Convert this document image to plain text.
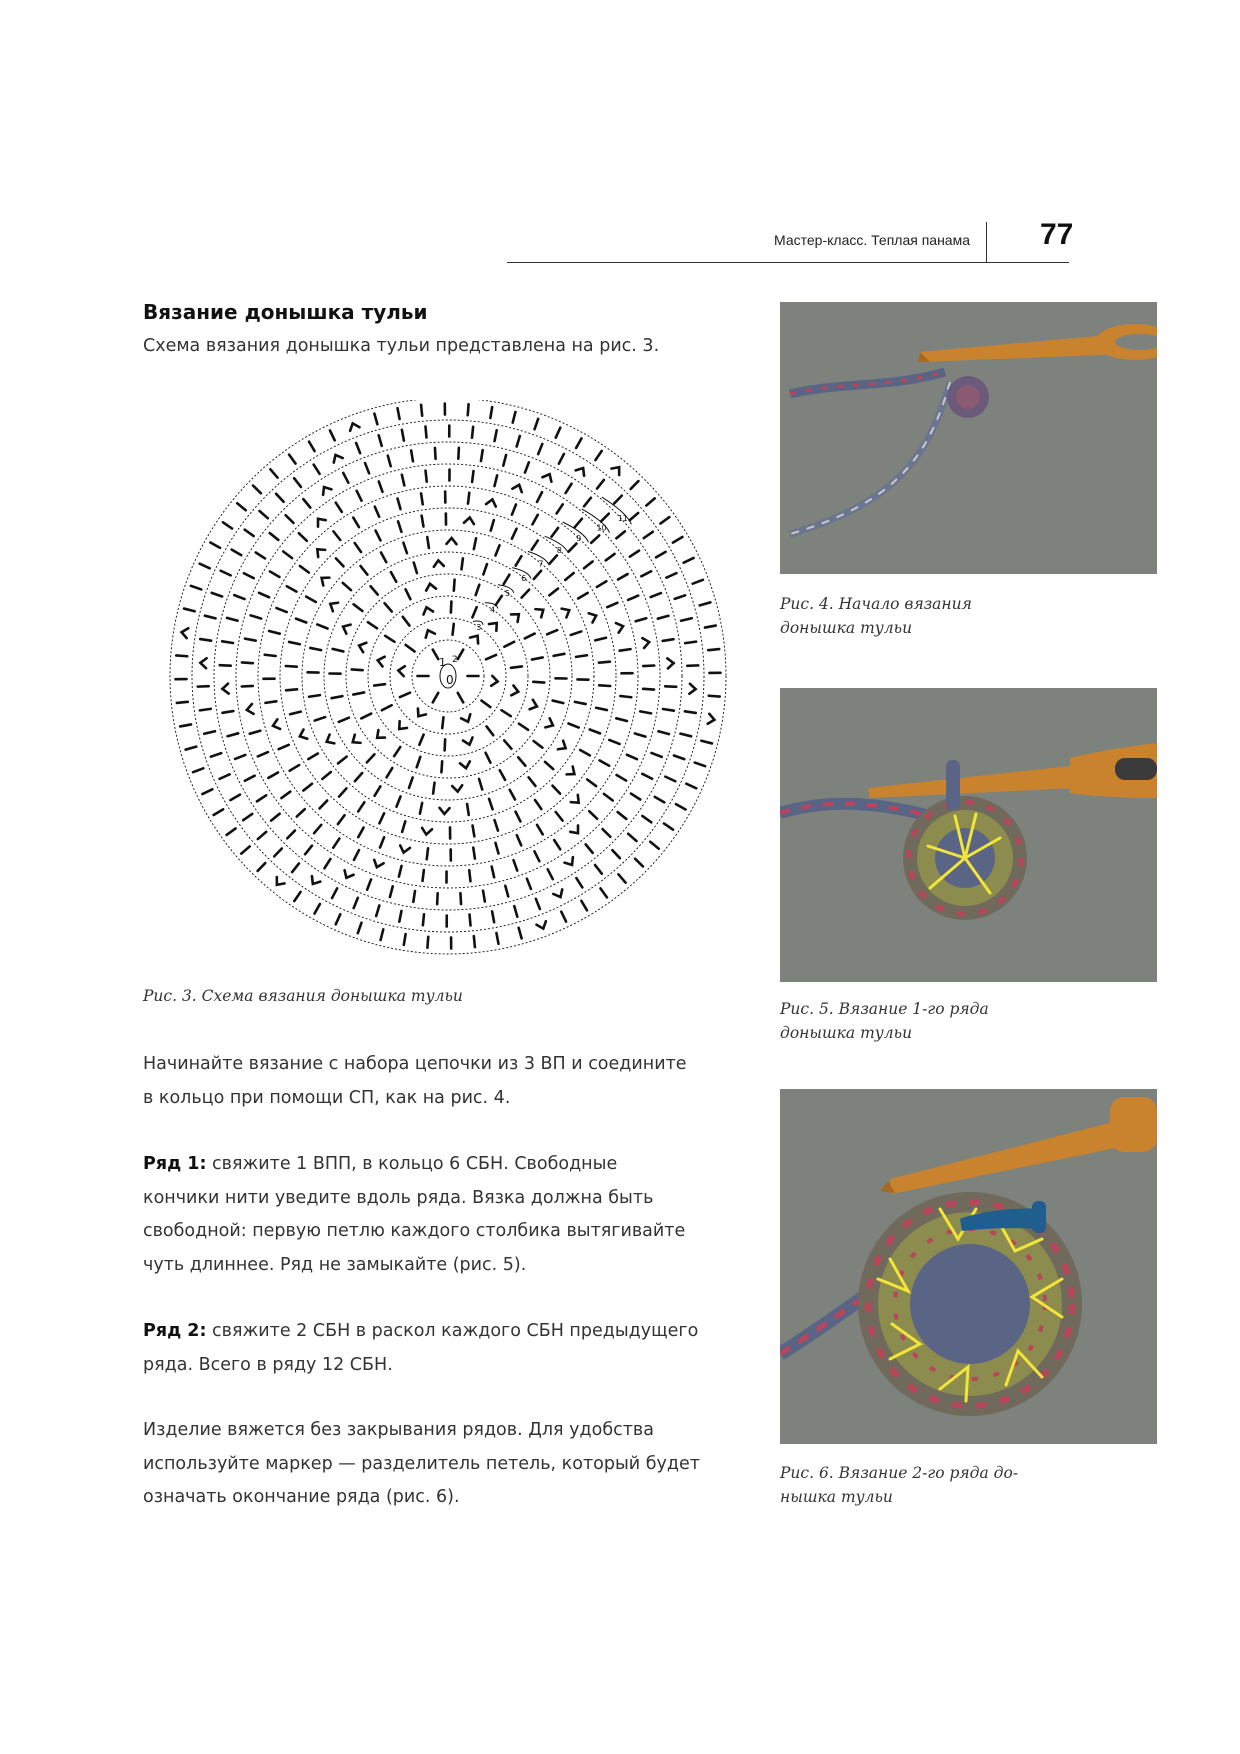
Мастер-класс. Теплая панама 77
Вязание донышка тульи
Схема вязания донышка тульи представлена на рис. 3.
3
4
5
6
7
8
9
10
11
0
1 2
Рис. 3. Схема вязания донышка тульи
Начинайте вязание с набора цепочки из 3 ВП и соедините
в кольцо при помощи СП, как на рис. 4.
Ряд 1: свяжите 1 ВПП, в кольцо 6 СБН. Свободные
кончики нити уведите вдоль ряда. Вязка должна быть
свободной: первую петлю каждого столбика вытягивайте
чуть длиннее. Ряд не замыкайте (рис. 5).
Ряд 2: свяжите 2 СБН в раскол каждого СБН предыдущего
ряда. Всего в ряду 12 СБН.
Изделие вяжется без закрывания рядов. Для удобства
используйте маркер — разделитель петель, который будет
означать окончание ряда (рис. 6).
Рис. 4. Начало вязания
донышка тульи
Рис. 5. Вязание 1-го ряда
донышка тульи
Рис. 6. Вязание 2-го ряда до-
нышка тульи
